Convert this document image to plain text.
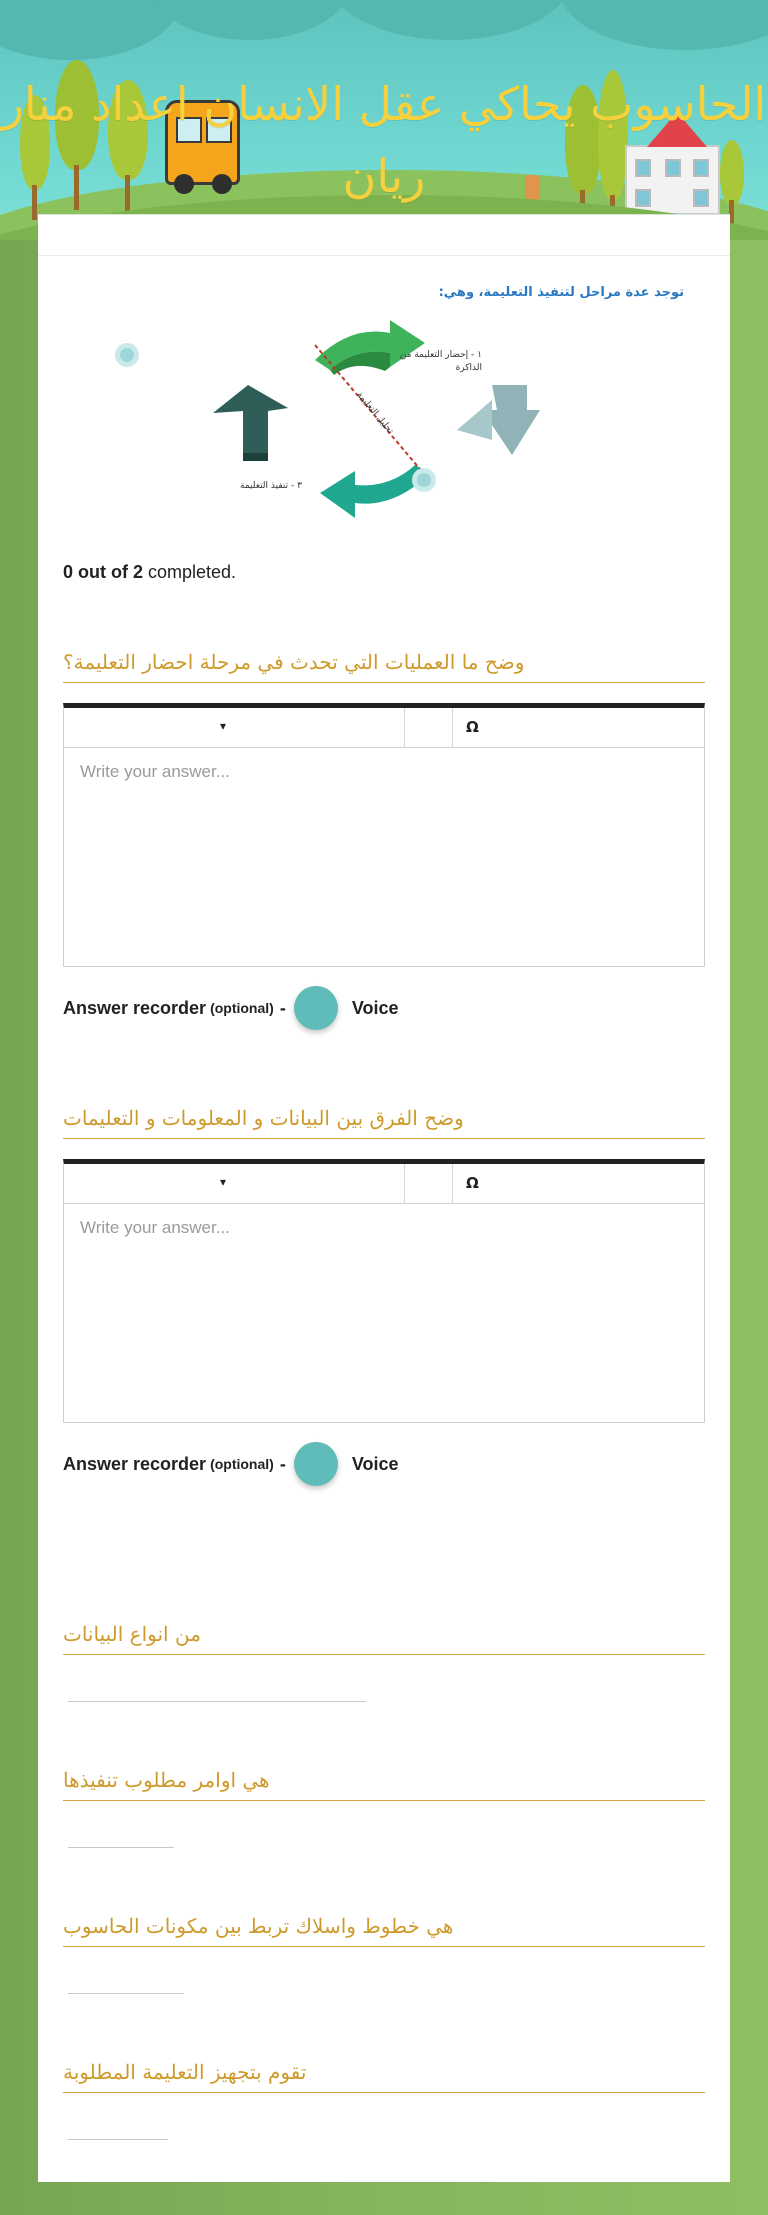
الحاسوب يحاكي عقل الانسان اعداد منار ريان
توجد عدة مراحل لتنفيذ التعليمة، وهي:
١ - إحضار التعليمة من الذاكرة
تحليل التعليمة
٣ - تنفيذ التعليمة
0 out of 2 completed.
وضح ما العمليات التي تحدث في مرحلة احضار التعليمة؟
▾	Ω
Write your answer...
Answer recorder (optional) -	Voice
وضح الفرق بين البيانات و المعلومات و التعليمات
▾	Ω
Write your answer...
Answer recorder (optional) -	Voice
من انواع البيانات
هي اوامر مطلوب تنفيذها
هي خطوط واسلاك تربط بين مكونات الحاسوب
تقوم بتجهيز التعليمة المطلوبة
